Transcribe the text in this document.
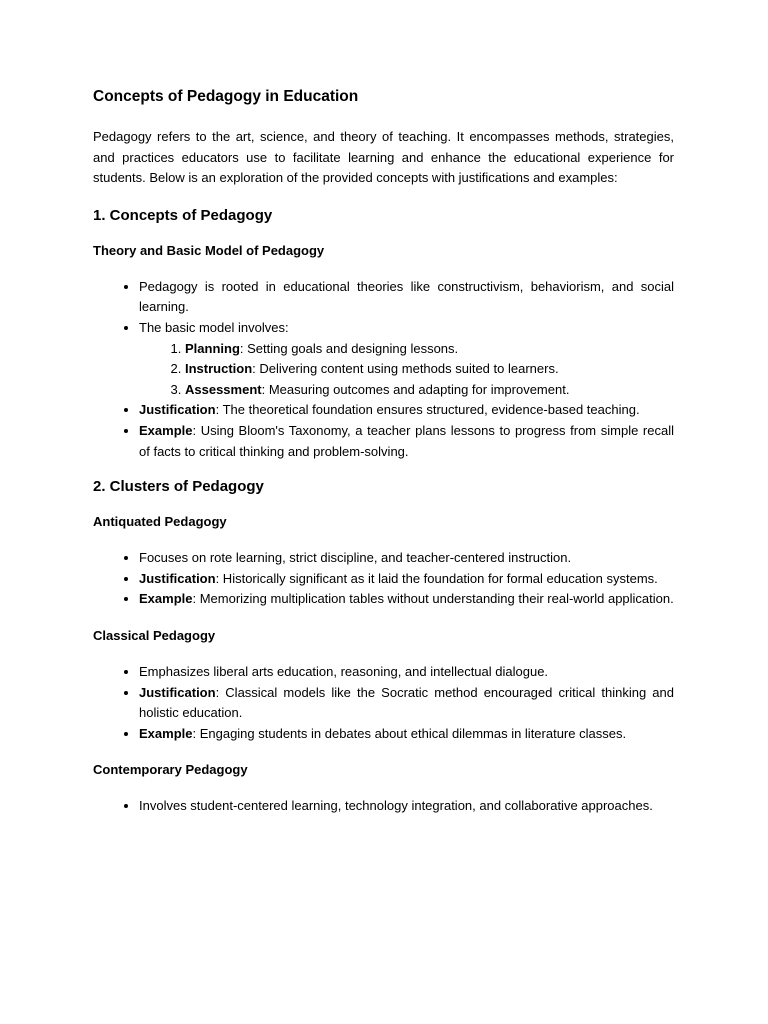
Concepts of Pedagogy in Education

Pedagogy refers to the art, science, and theory of teaching. It encompasses methods, strategies, and practices educators use to facilitate learning and enhance the educational experience for students. Below is an exploration of the provided concepts with justifications and examples:

1. Concepts of Pedagogy
Theory and Basic Model of Pedagogy
• Pedagogy is rooted in educational theories like constructivism, behaviorism, and social learning.
• The basic model involves:
1. Planning: Setting goals and designing lessons.
2. Instruction: Delivering content using methods suited to learners.
3. Assessment: Measuring outcomes and adapting for improvement.
• Justification: The theoretical foundation ensures structured, evidence-based teaching.
• Example: Using Bloom's Taxonomy, a teacher plans lessons to progress from simple recall of facts to critical thinking and problem-solving.
2. Clusters of Pedagogy
Antiquated Pedagogy
• Focuses on rote learning, strict discipline, and teacher-centered instruction.
• Justification: Historically significant as it laid the foundation for formal education systems.
• Example: Memorizing multiplication tables without understanding their real-world application.
Classical Pedagogy
• Emphasizes liberal arts education, reasoning, and intellectual dialogue.
• Justification: Classical models like the Socratic method encouraged critical thinking and holistic education.
• Example: Engaging students in debates about ethical dilemmas in literature classes.
Contemporary Pedagogy
• Involves student-centered learning, technology integration, and collaborative approaches.
